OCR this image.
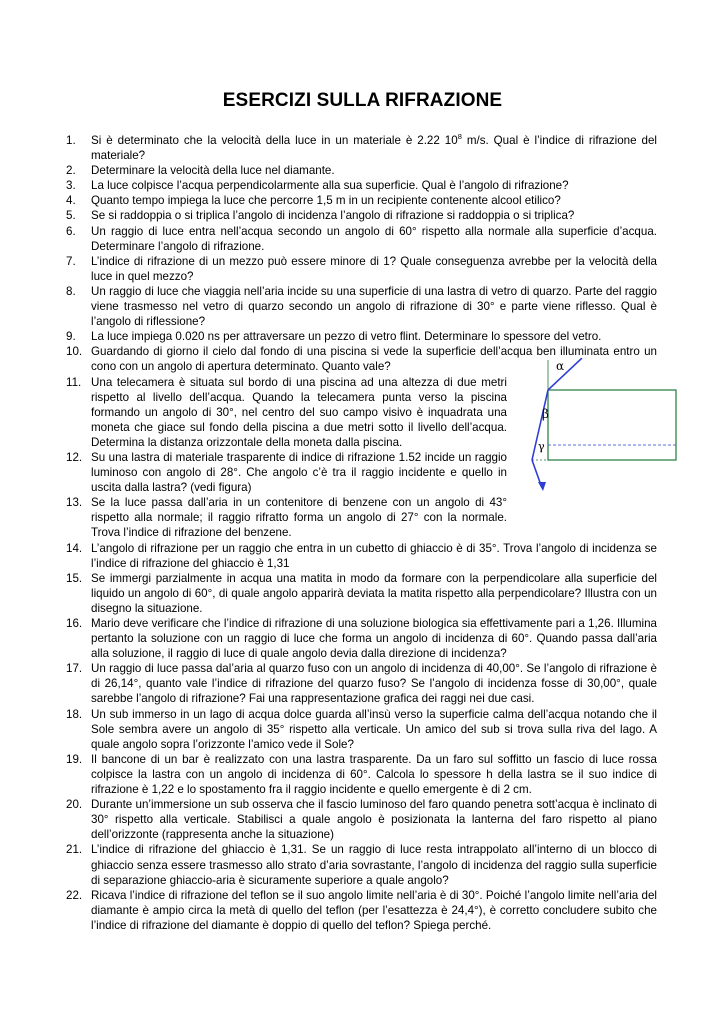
ESERCIZI SULLA RIFRAZIONE
1. Si è determinato che la velocità della luce in un materiale è 2.22 $10^8$ m/s. Qual è l’indice di rifrazione del materiale?
2. Determinare la velocità della luce nel diamante.
3. La luce colpisce l’acqua perpendicolarmente alla sua superficie. Qual è l’angolo di rifrazione?
4. Quanto tempo impiega la luce che percorre 1,5 m in un recipiente contenente alcool etilico?
5. Se si raddoppia o si triplica l’angolo di incidenza l’angolo di rifrazione si raddoppia o si triplica?
6. Un raggio di luce entra nell’acqua secondo un angolo di 60° rispetto alla normale alla superficie d’acqua. Determinare l’angolo di rifrazione.
7. L’indice di rifrazione di un mezzo può essere minore di 1? Quale conseguenza avrebbe per la velocità della luce in quel mezzo?
8. Un raggio di luce che viaggia nell’aria incide su una superficie di una lastra di vetro di quarzo. Parte del raggio viene trasmesso nel vetro di quarzo secondo un angolo di rifrazione di 30° e parte viene riflesso. Qual è l’angolo di riflessione?
9. La luce impiega 0.020 ns per attraversare un pezzo di vetro flint. Determinare lo spessore del vetro.
10. Guardando di giorno il cielo dal fondo di una piscina si vede la superficie dell’acqua ben illuminata entro un cono con un angolo di apertura determinato. Quanto vale?
11. Una telecamera è situata sul bordo di una piscina ad una altezza di due metri rispetto al livello dell’acqua. Quando la telecamera punta verso la piscina formando un angolo di 30°, nel centro del suo campo visivo è inquadrata una moneta che giace sul fondo della piscina a due metri sotto il livello dell’acqua. Determina la distanza orizzontale della moneta dalla piscina.
12. Su una lastra di materiale trasparente di indice di rifrazione 1.52 incide un raggio luminoso con angolo di 28°. Che angolo c’è tra il raggio incidente e quello in uscita dalla lastra? (vedi figura)
13. Se la luce passa dall’aria in un contenitore di benzene con un angolo di 43° rispetto alla normale; il raggio rifratto forma un angolo di 27° con la normale. Trova l’indice di rifrazione del benzene.
14. L’angolo di rifrazione per un raggio che entra in un cubetto di ghiaccio è di 35°. Trova l’angolo di incidenza se l’indice di rifrazione del ghiaccio è 1,31
15. Se immergi parzialmente in acqua una matita in modo da formare con la perpendicolare alla superficie del liquido un angolo di 60°, di quale angolo apparirà deviata la matita rispetto alla perpendicolare? Illustra con un disegno la situazione.
16. Mario deve verificare che l’indice di rifrazione di una soluzione biologica sia effettivamente pari a 1,26. Illumina pertanto la soluzione con un raggio di luce che forma un angolo di incidenza di 60°. Quando passa dall’aria alla soluzione, il raggio di luce di quale angolo devia dalla direzione di incidenza?
17. Un raggio di luce passa dal’aria al quarzo fuso con un angolo di incidenza di 40,00°. Se l’angolo di rifrazione è di 26,14°, quanto vale l’indice di rifrazione del quarzo fuso? Se l’angolo di incidenza fosse di 30,00°, quale sarebbe l’angolo di rifrazione? Fai una rappresentazione grafica dei raggi nei due casi.
18. Un sub immerso in un lago di acqua dolce guarda all’insù verso la superficie calma dell’acqua notando che il Sole sembra avere un angolo di 35° rispetto alla verticale. Un amico del sub si trova sulla riva del lago. A quale angolo sopra l’orizzonte l’amico vede il Sole?
19. Il bancone di un bar è realizzato con una lastra trasparente. Da un faro sul soffitto un fascio di luce rossa colpisce la lastra con un angolo di incidenza di 60°. Calcola lo spessore h della lastra se il suo indice di rifrazione è 1,22 e lo spostamento fra il raggio incidente e quello emergente è di 2 cm.
20. Durante un’immersione un sub osserva che il fascio luminoso del faro quando penetra sott’acqua è inclinato di 30° rispetto alla verticale. Stabilisci a quale angolo è posizionata la lanterna del faro rispetto al piano dell’orizzonte (rappresenta anche la situazione)
21. L’indice di rifrazione del ghiaccio è 1,31. Se un raggio di luce resta intrappolato all’interno di un blocco di ghiaccio senza essere trasmesso allo strato d’aria sovrastante, l’angolo di incidenza del raggio sulla superficie di separazione ghiaccio-aria è sicuramente superiore a quale angolo?
22. Ricava l’indice di rifrazione del teflon se il suo angolo limite nell’aria è di 30°. Poiché l’angolo limite nell’aria del diamante è ampio circa la metà di quello del teflon (per l’esattezza è 24,4°), è corretto concludere subito che l’indice di rifrazione del diamante è doppio di quello del teflon? Spiega perché.
α
β
γ
